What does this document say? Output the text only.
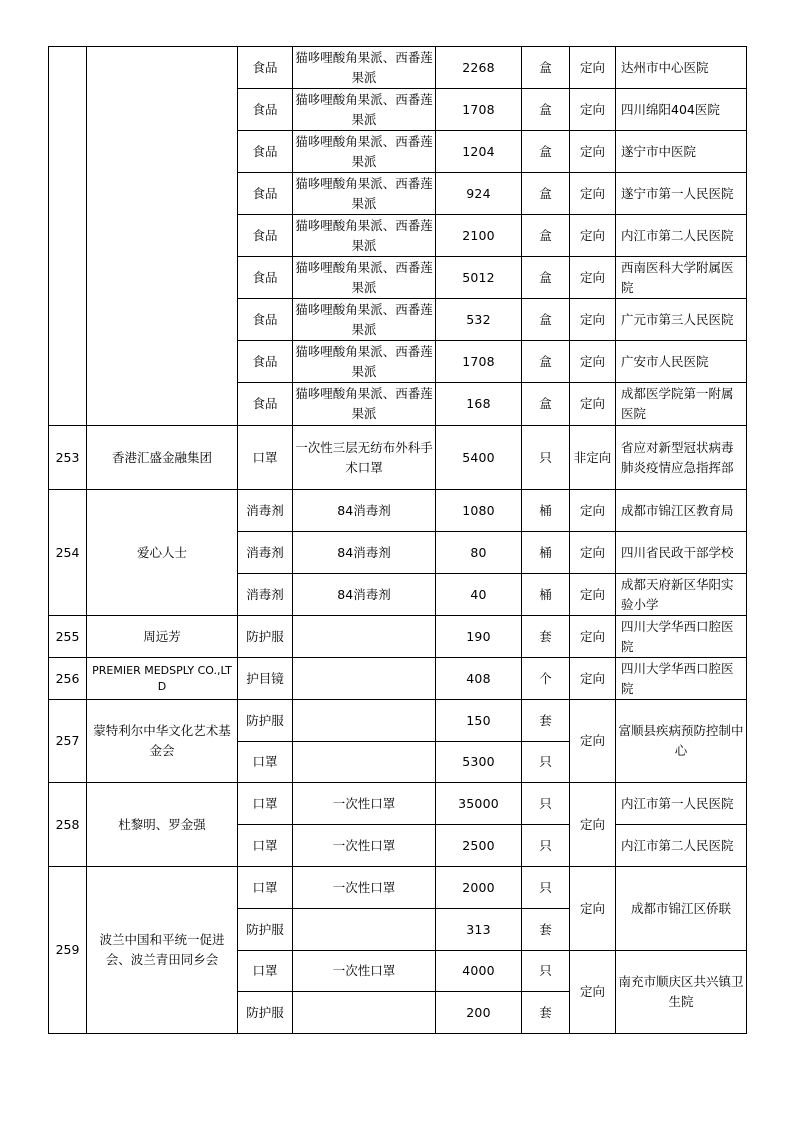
		食品	猫哆哩酸角果派、西番莲果派	2268	盒	定向	达州市中心医院
		食品	猫哆哩酸角果派、西番莲果派	1708	盒	定向	四川绵阳404医院
		食品	猫哆哩酸角果派、西番莲果派	1204	盒	定向	遂宁市中医院
		食品	猫哆哩酸角果派、西番莲果派	924	盒	定向	遂宁市第一人民医院
		食品	猫哆哩酸角果派、西番莲果派	2100	盒	定向	内江市第二人民医院
		食品	猫哆哩酸角果派、西番莲果派	5012	盒	定向	西南医科大学附属医院
		食品	猫哆哩酸角果派、西番莲果派	532	盒	定向	广元市第三人民医院
		食品	猫哆哩酸角果派、西番莲果派	1708	盒	定向	广安市人民医院
		食品	猫哆哩酸角果派、西番莲果派	168	盒	定向	成都医学院第一附属医院
253	香港汇盛金融集团	口罩	一次性三层无纺布外科手术口罩	5400	只	非定向	省应对新型冠状病毒肺炎疫情应急指挥部
254	爱心人士	消毒剂	84消毒剂	1080	桶	定向	成都市锦江区教育局
		消毒剂	84消毒剂	80	桶	定向	四川省民政干部学校
		消毒剂	84消毒剂	40	桶	定向	成都天府新区华阳实验小学
255	周远芳	防护服		190	套	定向	四川大学华西口腔医院
256	PREMIER MEDSPLY CO.,LTD	护目镜		408	个	定向	四川大学华西口腔医院
257	蒙特利尔中华文化艺术基金会	防护服		150	套	定向	富顺县疾病预防控制中心
		口罩		5300	只		
258	杜黎明、罗金强	口罩	一次性口罩	35000	只	定向	内江市第一人民医院
		口罩	一次性口罩	2500	只		内江市第二人民医院
259	波兰中国和平统一促进会、波兰青田同乡会	口罩	一次性口罩	2000	只	定向	成都市锦江区侨联
		防护服		313	套		
		口罩	一次性口罩	4000	只	定向	南充市顺庆区共兴镇卫生院
		防护服		200	套		
